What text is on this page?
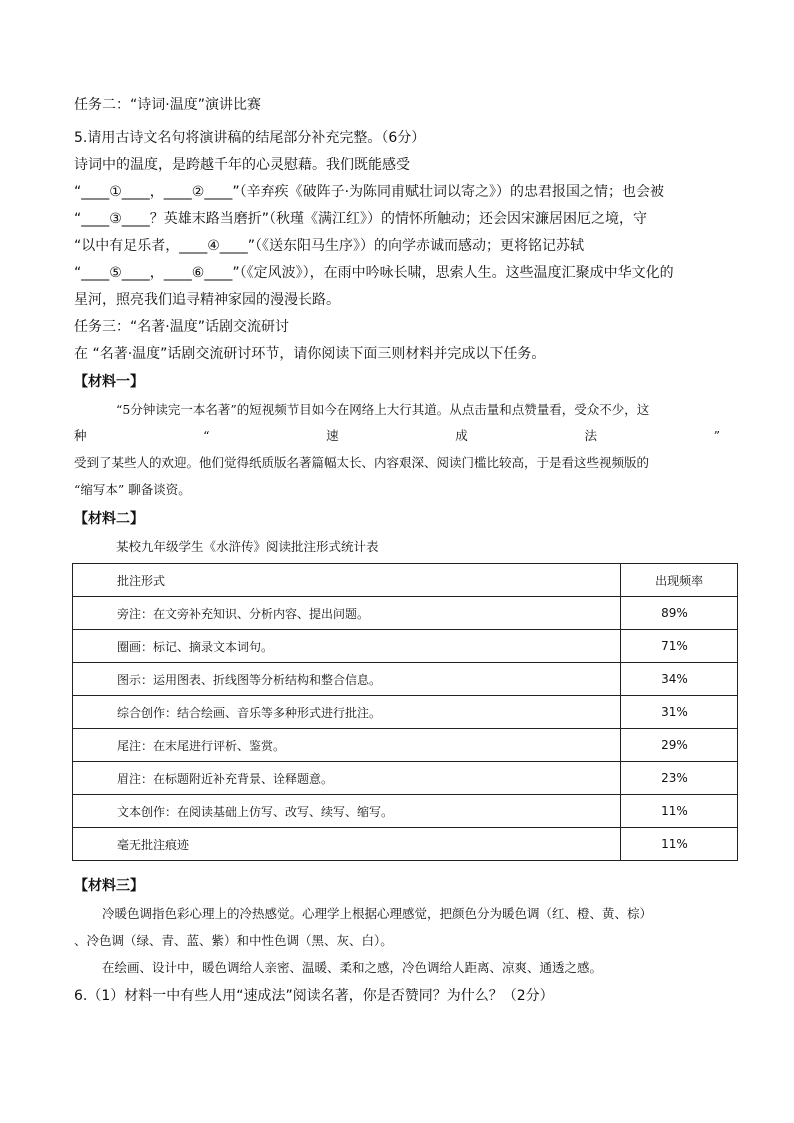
任务二：“诗词·温度”演讲比赛
5.请用古诗文名句将演讲稿的结尾部分补充完整。（6分）
诗词中的温度，是跨越千年的心灵慰藉。我们既能感受
“____①____，____②____”（辛弃疾《破阵子·为陈同甫赋壮词以寄之》）的忠君报国之情；也会被
“____③____？英雄末路当磨折”（秋瑾《满江红》）的情怀所触动；还会因宋濂居困厄之境，守
“以中有足乐者，____④____”（《送东阳马生序》）的向学赤诚而感动；更将铭记苏轼
“____⑤____，____⑥____”（《定风波》），在雨中吟咏长啸，思索人生。这些温度汇聚成中华文化的
星河，照亮我们追寻精神家园的漫漫长路。
任务三：“名著·温度”话剧交流研讨
在 “名著·温度”话剧交流研讨环节，请你阅读下面三则材料并完成以下任务。
【材料一】
“5分钟读完一本名著”的短视频节目如今在网络上大行其道。从点击量和点赞量看，受众不少，这
种	“	速	成	法	”
受到了某些人的欢迎。他们觉得纸质版名著篇幅太长、内容艰深、阅读门槛比较高，于是看这些视频版的
“缩写本” 聊备谈资。
【材料二】
某校九年级学生《水浒传》阅读批注形式统计表
批注形式	出现频率
旁注：在文旁补充知识、分析内容、提出问题。	89%
圈画：标记、摘录文本词句。	71%
图示：运用图表、折线图等分析结构和整合信息。	34%
综合创作：结合绘画、音乐等多种形式进行批注。	31%
尾注：在末尾进行评析、鉴赏。	29%
眉注：在标题附近补充背景、诠释题意。	23%
文本创作：在阅读基础上仿写、改写、续写、缩写。	11%
毫无批注痕迹	11%
【材料三】
冷暖色调指色彩心理上的冷热感觉。心理学上根据心理感觉，把颜色分为暖色调（红、橙、黄、棕）
、冷色调（绿、青、蓝、紫）和中性色调（黑、灰、白）。
在绘画、设计中，暖色调给人亲密、温暖、柔和之感，冷色调给人距离、凉爽、通透之感。
6.（1）材料一中有些人用“速成法”阅读名著，你是否赞同？为什么？（2分）
